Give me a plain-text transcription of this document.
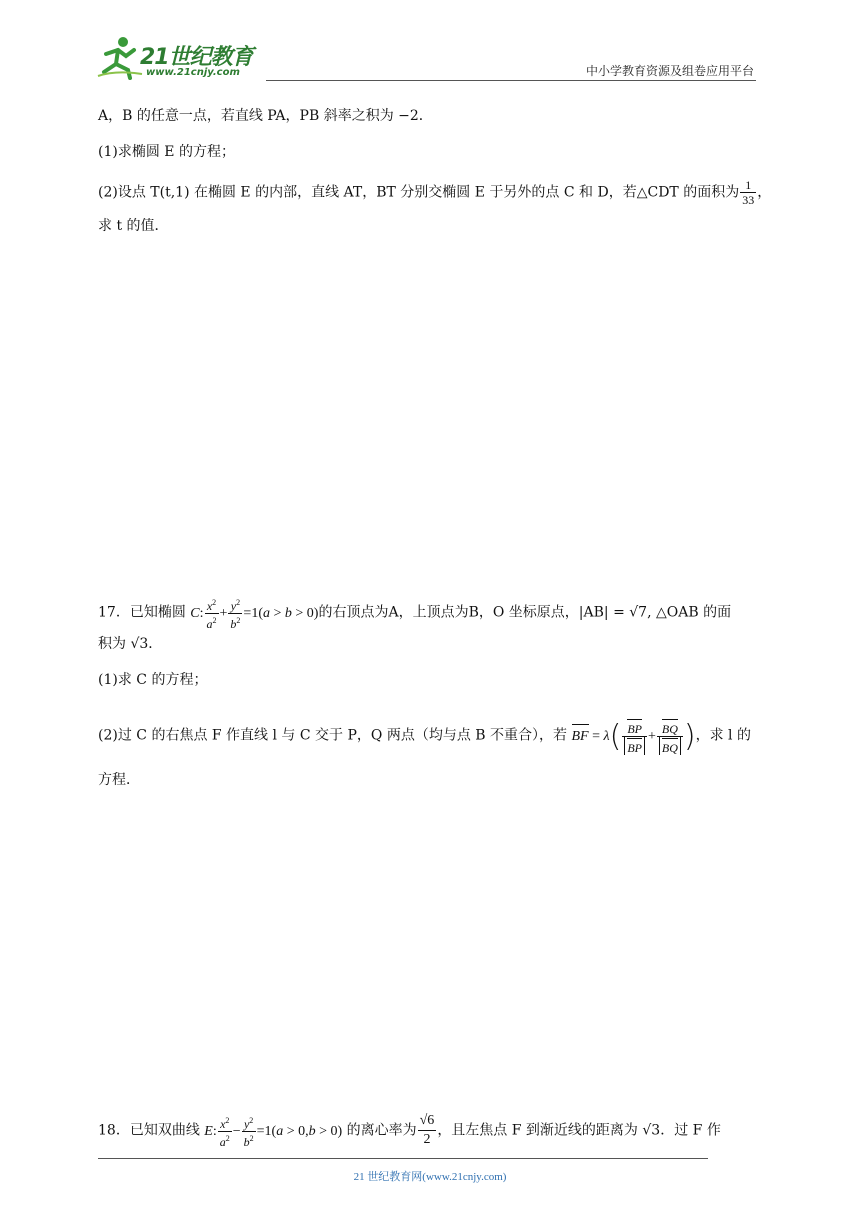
21世纪教育
www.21cnjy.com	中小学教育资源及组卷应用平台
A，B 的任意一点，若直线 PA，PB 斜率之积为 −2．
(1)求椭圆 E 的方程；
(2)设点 T(t,1) 在椭圆 E 的内部，直线 AT，BT 分别交椭圆 E 于另外的点 C 和 D，若△CDT 的面积为 $\frac{1}{33}$ ，
求 t 的值．
17．已知椭圆 C: $\frac{x^2}{a^2} + \frac{y^2}{b^2} =1(a > b > 0)$的右顶点为A，上顶点为B，O 坐标原点，|AB| = √7, △OAB 的面
积为 √3．
(1)求 C 的方程；
(2)过 C 的右焦点 F 作直线 l 与 C 交于 P，Q 两点（均与点 B 不重合），若 BF = $\lambda( \frac{BP}{BP} + \frac{BQ}{BQ}$ )，求 l 的
方程．
18．已知双曲线 E: $\frac{x^2}{a^2} - \frac{y^2}{b^2} =1(a > 0,b > 0)$ 的离心率为 $\frac{√6}{2}$ ，且左焦点 F 到渐近线的距离为 √3．过 F 作
21 世纪教育网(www.21cnjy.com)
